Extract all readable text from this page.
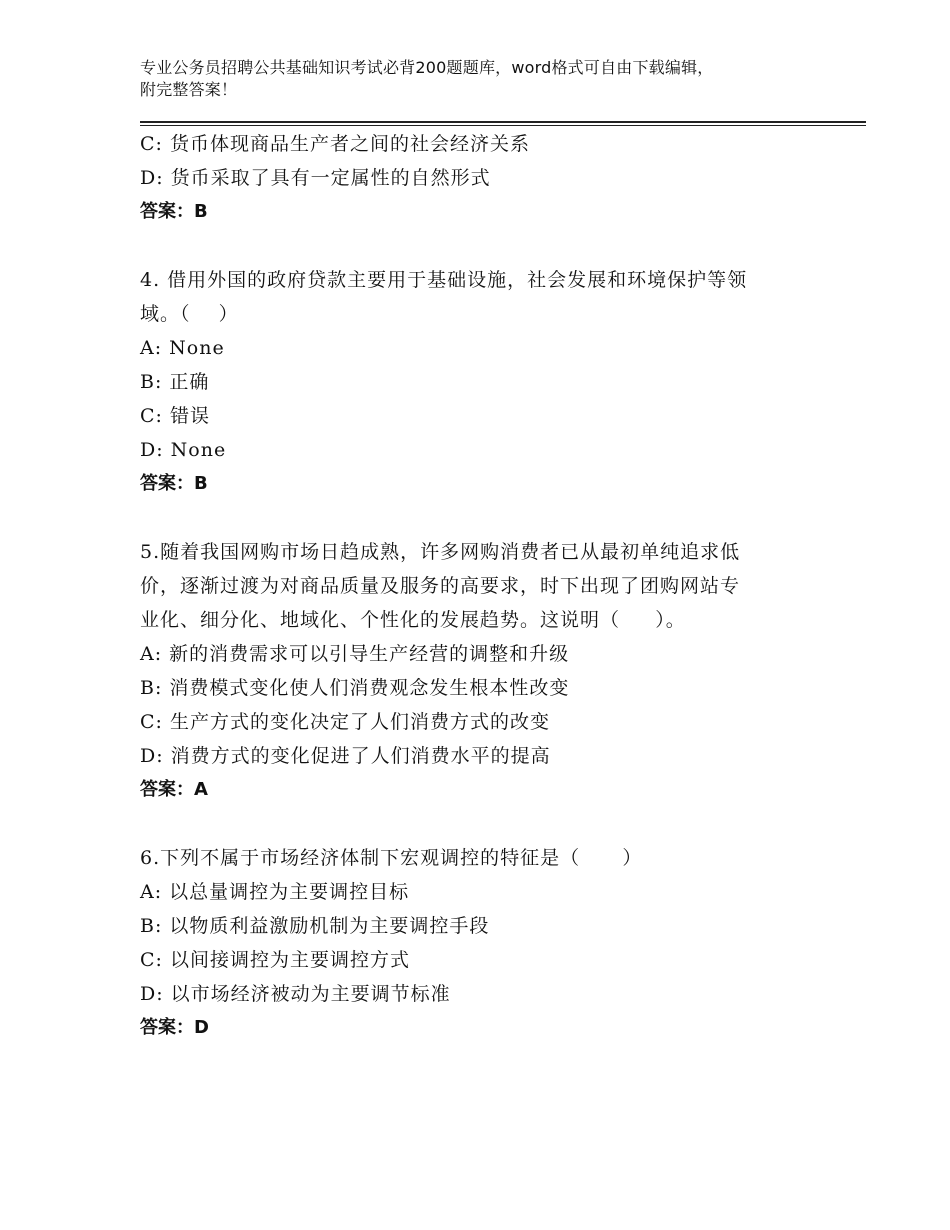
专业公务员招聘公共基础知识考试必背200题题库，word格式可自由下载编辑，
附完整答案！
C: 货币体现商品生产者之间的社会经济关系
D: 货币采取了具有一定属性的自然形式
答案：B
4. 借用外国的政府贷款主要用于基础设施，社会发展和环境保护等领
域。（    ）
A: None
B: 正确
C: 错误
D: None
答案：B
5.随着我国网购市场日趋成熟，许多网购消费者已从最初单纯追求低
价，逐渐过渡为对商品质量及服务的高要求，时下出现了团购网站专
业化、细分化、地域化、个性化的发展趋势。这说明（     ）。
A: 新的消费需求可以引导生产经营的调整和升级
B: 消费模式变化使人们消费观念发生根本性改变
C: 生产方式的变化决定了人们消费方式的改变
D: 消费方式的变化促进了人们消费水平的提高
答案：A
6.下列不属于市场经济体制下宏观调控的特征是（      ）
A: 以总量调控为主要调控目标
B: 以物质利益激励机制为主要调控手段
C: 以间接调控为主要调控方式
D: 以市场经济被动为主要调节标准
答案：D
